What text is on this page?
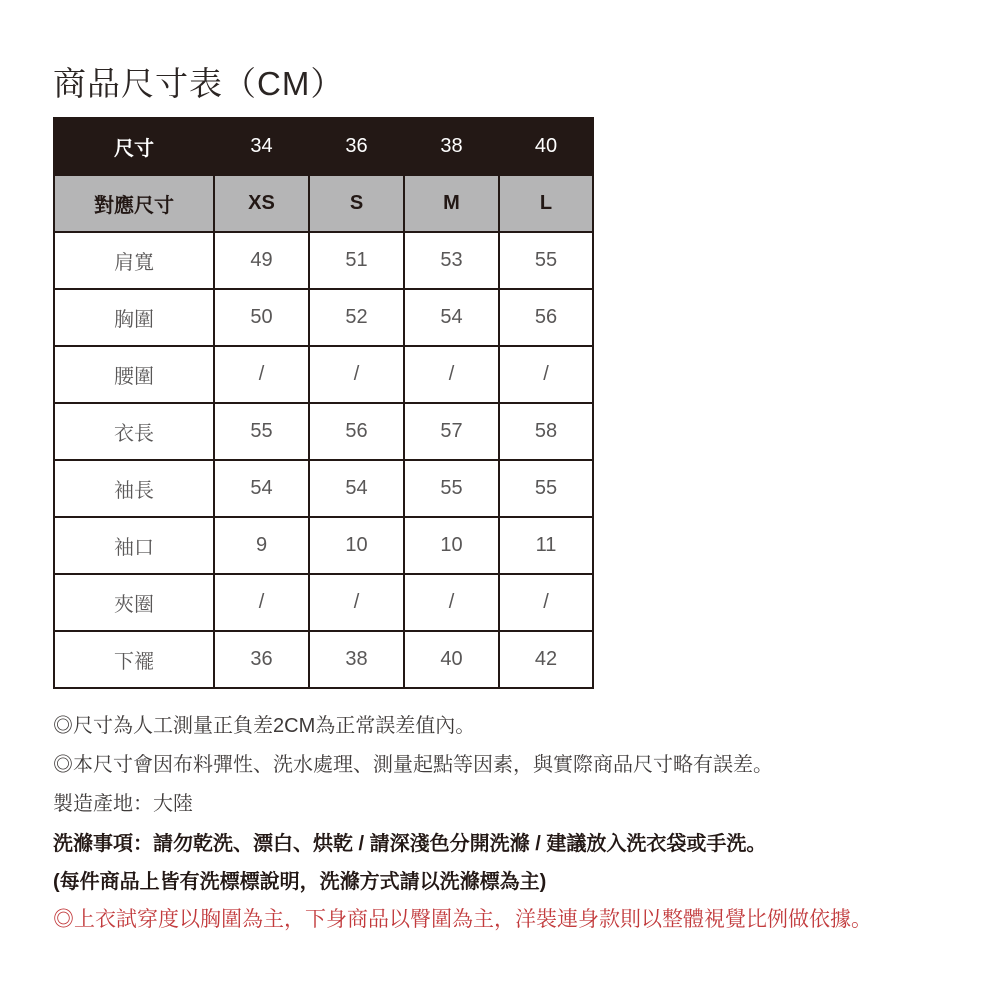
商品尺寸表（CM）
尺寸	34	36	38	40
對應尺寸	XS	S	M	L
肩寬	49	51	53	55
胸圍	50	52	54	56
腰圍	/	/	/	/
衣長	55	56	57	58
袖長	54	54	55	55
袖口	9	10	10	11
夾圈	/	/	/	/
下襬	36	38	40	42
◎尺寸為人工測量正負差2CM為正常誤差值內。
◎本尺寸會因布料彈性、洗水處理、測量起點等因素，與實際商品尺寸略有誤差。
製造產地：大陸
洗滌事項：請勿乾洗、漂白、烘乾 / 請深淺色分開洗滌 / 建議放入洗衣袋或手洗。
(每件商品上皆有洗標標說明，洗滌方式請以洗滌標為主)
◎上衣試穿度以胸圍為主，下身商品以臀圍為主，洋裝連身款則以整體視覺比例做依據。
